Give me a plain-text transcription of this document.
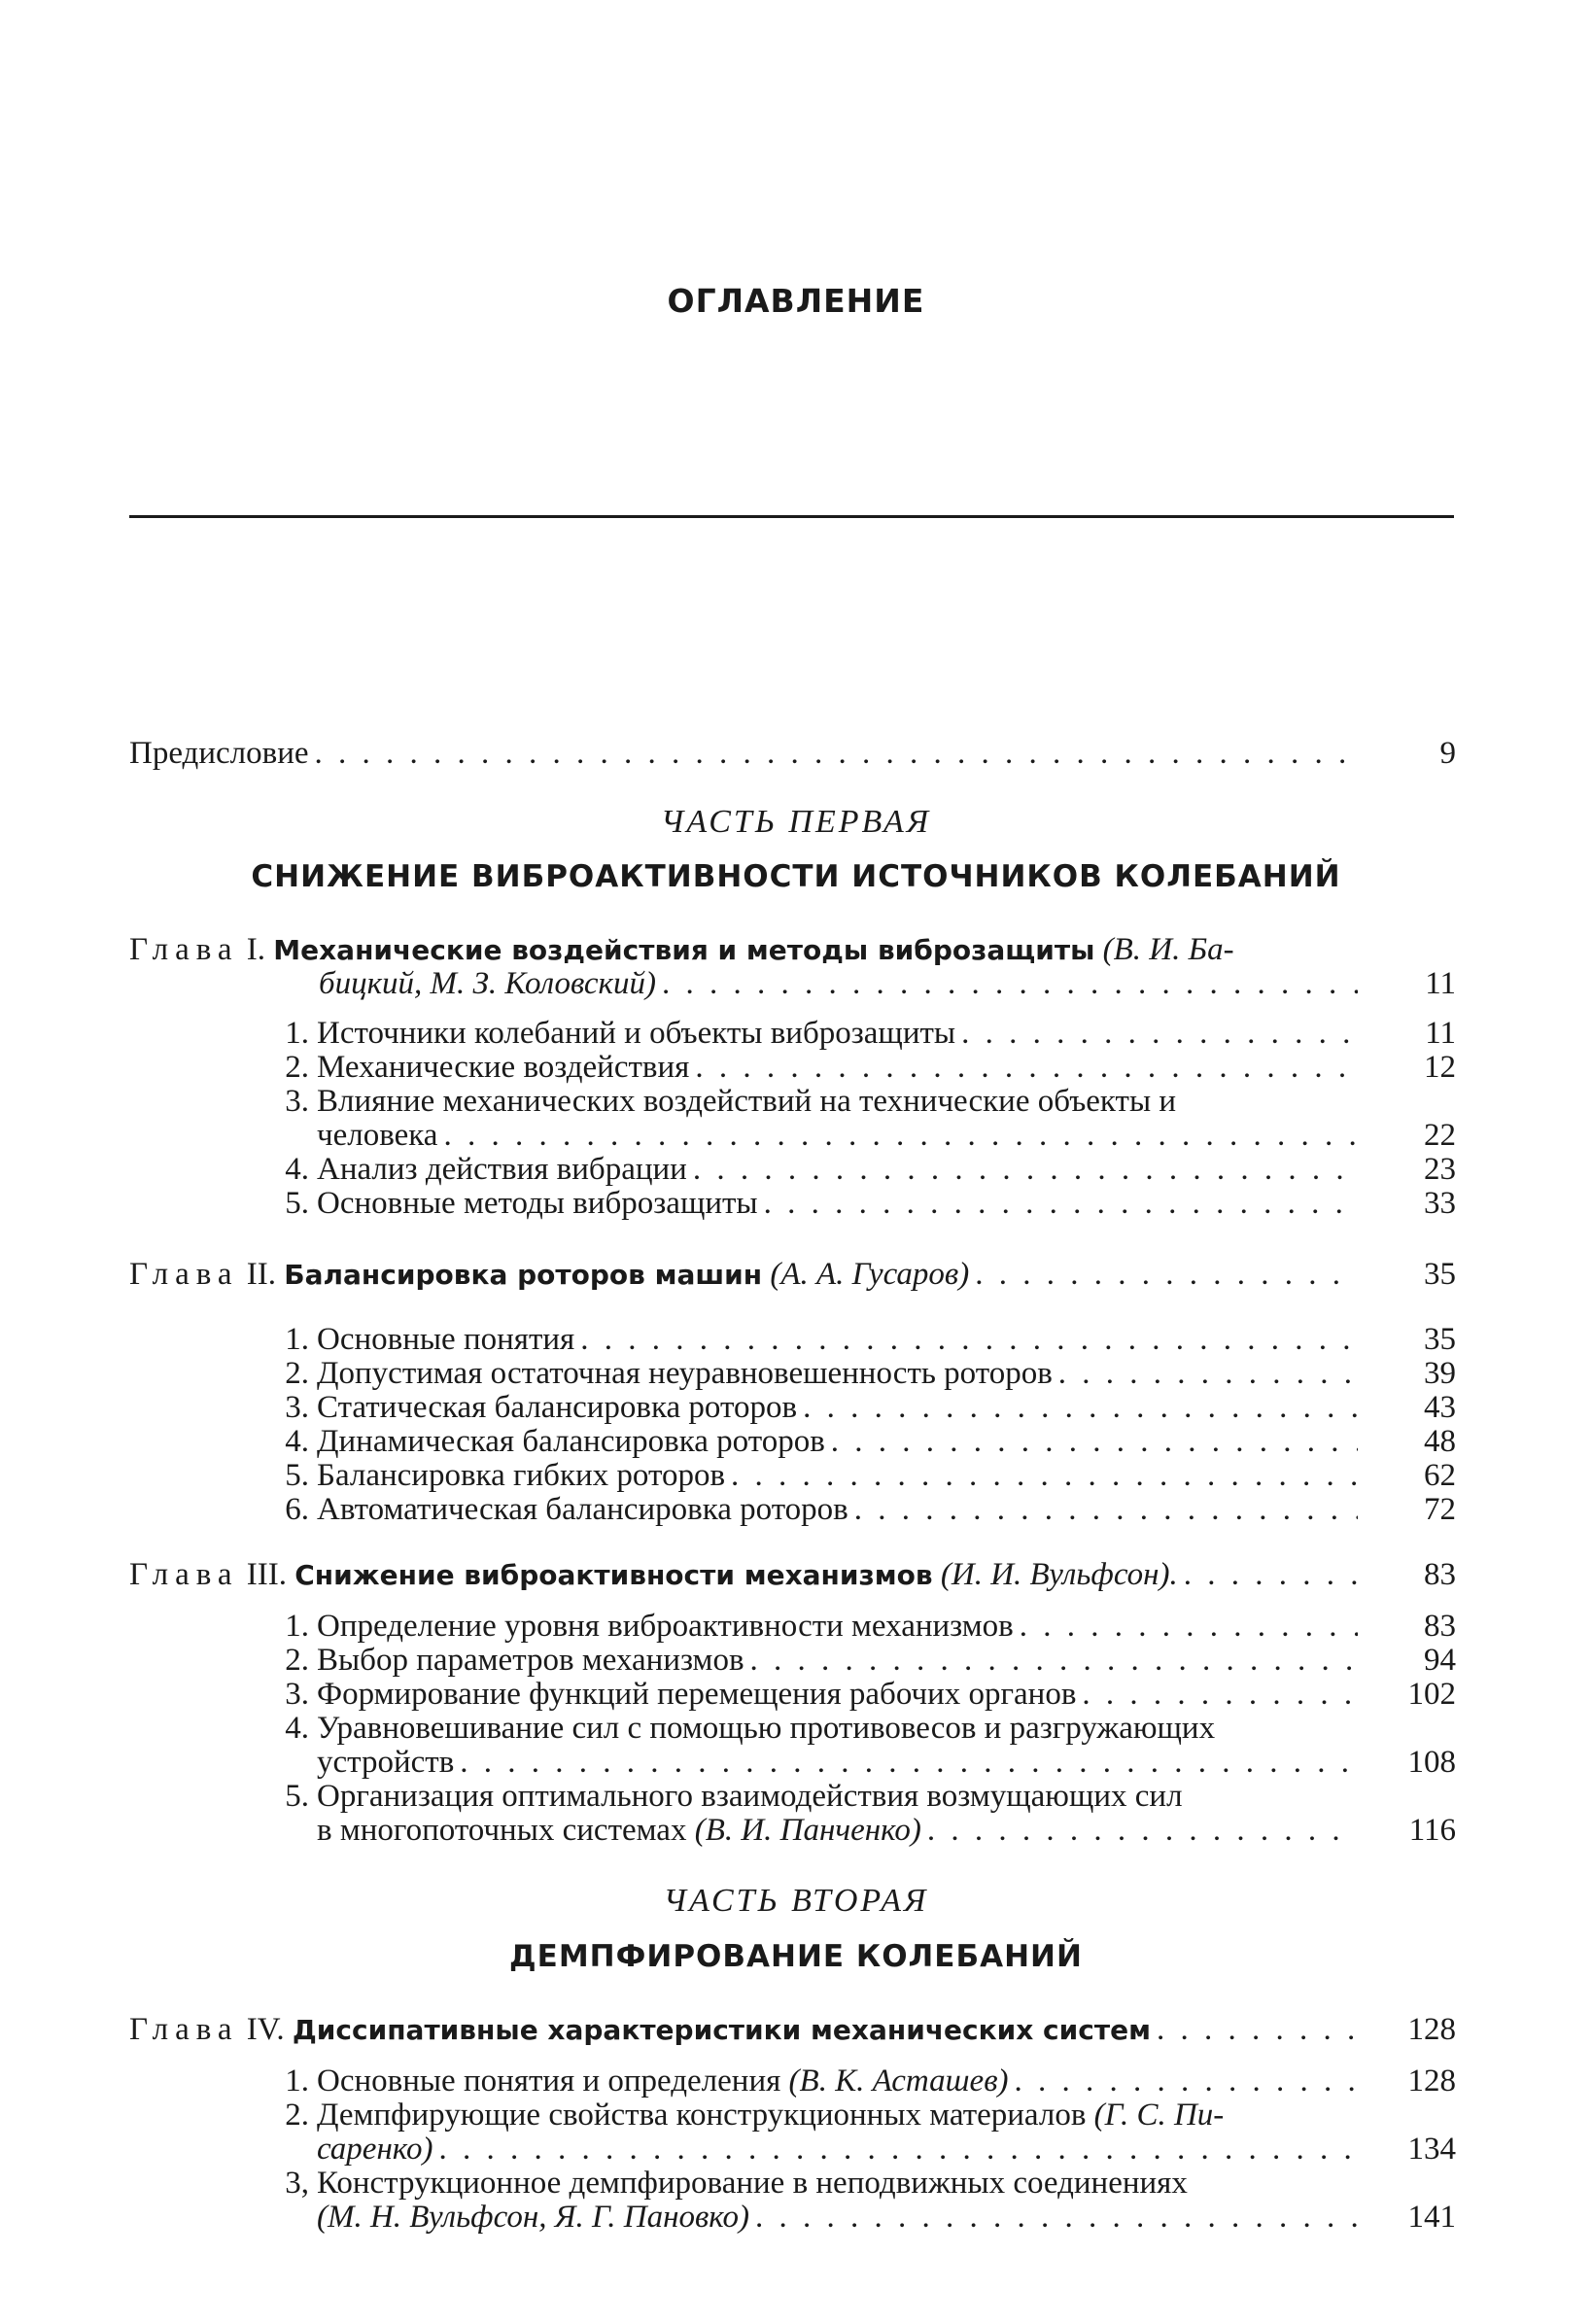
ОГЛАВЛЕНИЕ
Предисловие . . .	9
ЧАСТЬ ПЕРВАЯ
СНИЖЕНИЕ ВИБРОАКТИВНОСТИ ИСТОЧНИКОВ КОЛЕБАНИЙ
Глава I. Механические воздействия и методы виброзащиты (В. И. Ба-
бицкий, М. З. Коловский) . . .	11
1. Источники колебаний и объекты виброзащиты . . .	11
2. Механические воздействия . . .	12
3. Влияние механических воздействий на технические объекты и
человека . . .	22
4. Анализ действия вибрации . . .	23
5. Основные методы виброзащиты . . .	33
Глава II. Балансировка роторов машин (А. А. Гусаров) . . .	35
1. Основные понятия . . .	35
2. Допустимая остаточная неуравновешенность роторов . . .	39
3. Статическая балансировка роторов . . .	43
4. Динамическая балансировка роторов . . .	48
5. Балансировка гибких роторов . . .	62
6. Автоматическая балансировка роторов . . .	72
Глава III. Снижение виброактивности механизмов (И. И. Вульфсон). . . .	83
1. Определение уровня виброактивности механизмов . . .	83
2. Выбор параметров механизмов . . .	94
3. Формирование функций перемещения рабочих органов . . .	102
4. Уравновешивание сил с помощью противовесов и разгружающих
устройств . . .	108
5. Организация оптимального взаимодействия возмущающих сил
в многопоточных системах (В. И. Панченко) . . .	116
ЧАСТЬ ВТОРАЯ
ДЕМПФИРОВАНИЕ КОЛЕБАНИЙ
Глава IV. Диссипативные характеристики механических систем . . .	128
1. Основные понятия и определения (В. К. Асташев) . . .	128
2. Демпфирующие свойства конструкционных материалов (Г. С. Пи-
саренко) . . .	134
3, Конструкционное демпфирование в неподвижных соединениях
(М. Н. Вульфсон, Я. Г. Пановко) . . .	141
